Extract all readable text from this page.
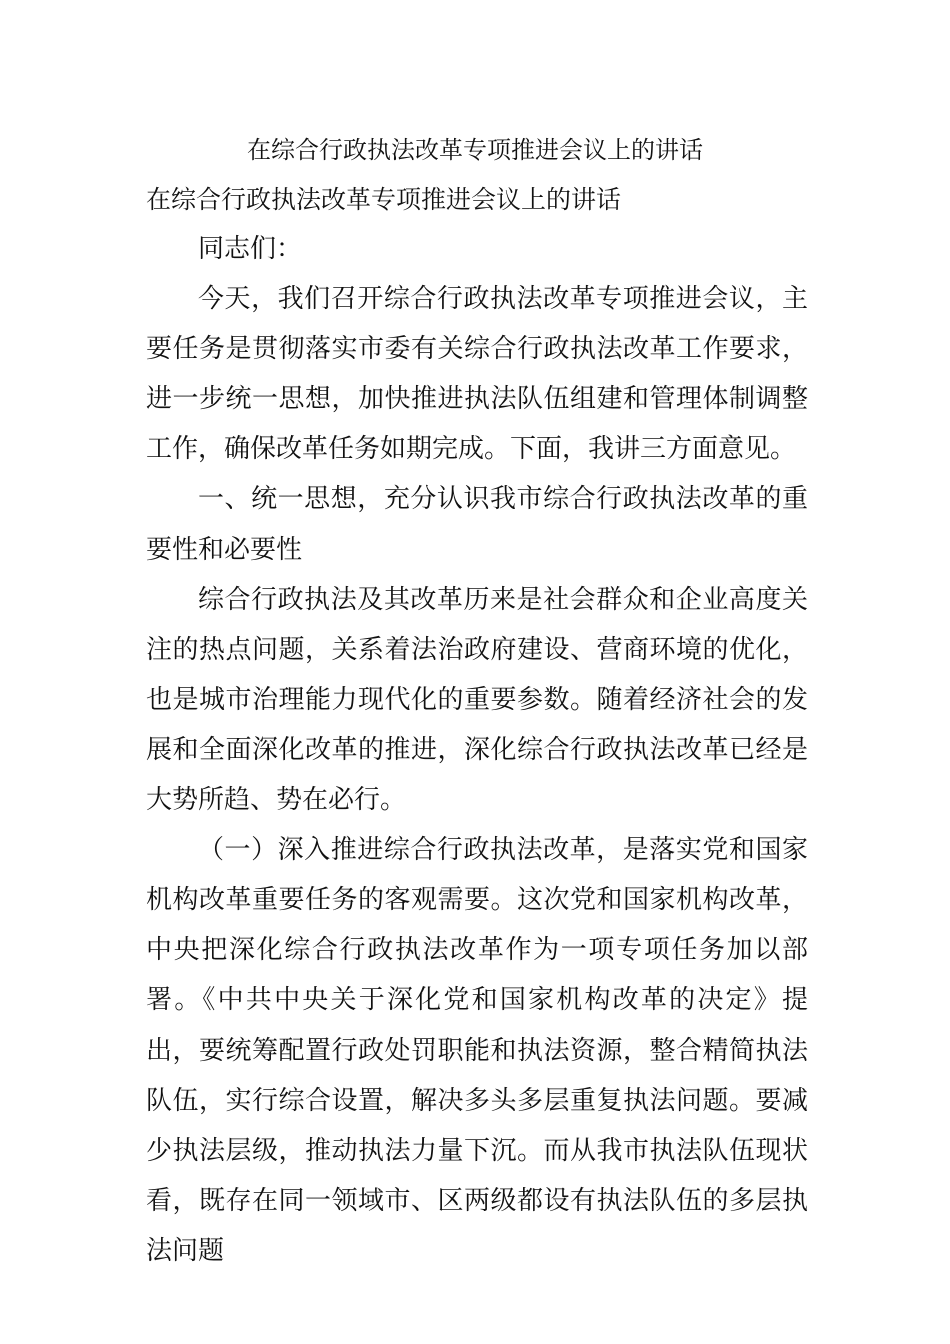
在综合行政执法改革专项推进会议上的讲话
在综合行政执法改革专项推进会议上的讲话

同志们：

今天，我们召开综合行政执法改革专项推进会议，主要任务是贯彻落实市委有关综合行政执法改革工作要求，进一步统一思想，加快推进执法队伍组建和管理体制调整工作，确保改革任务如期完成。下面，我讲三方面意见。

一、统一思想，充分认识我市综合行政执法改革的重要性和必要性

综合行政执法及其改革历来是社会群众和企业高度关注的热点问题，关系着法治政府建设、营商环境的优化，也是城市治理能力现代化的重要参数。随着经济社会的发展和全面深化改革的推进，深化综合行政执法改革已经是大势所趋、势在必行。

（一）深入推进综合行政执法改革，是落实党和国家机构改革重要任务的客观需要。这次党和国家机构改革，中央把深化综合行政执法改革作为一项专项任务加以部署。《中共中央关于深化党和国家机构改革的决定》提出，要统筹配置行政处罚职能和执法资源，整合精简执法队伍，实行综合设置，解决多头多层重复执法问题。要减少执法层级，推动执法力量下沉。而从我市执法队伍现状看，既存在同一领域市、区两级都设有执法队伍的多层执法问题
